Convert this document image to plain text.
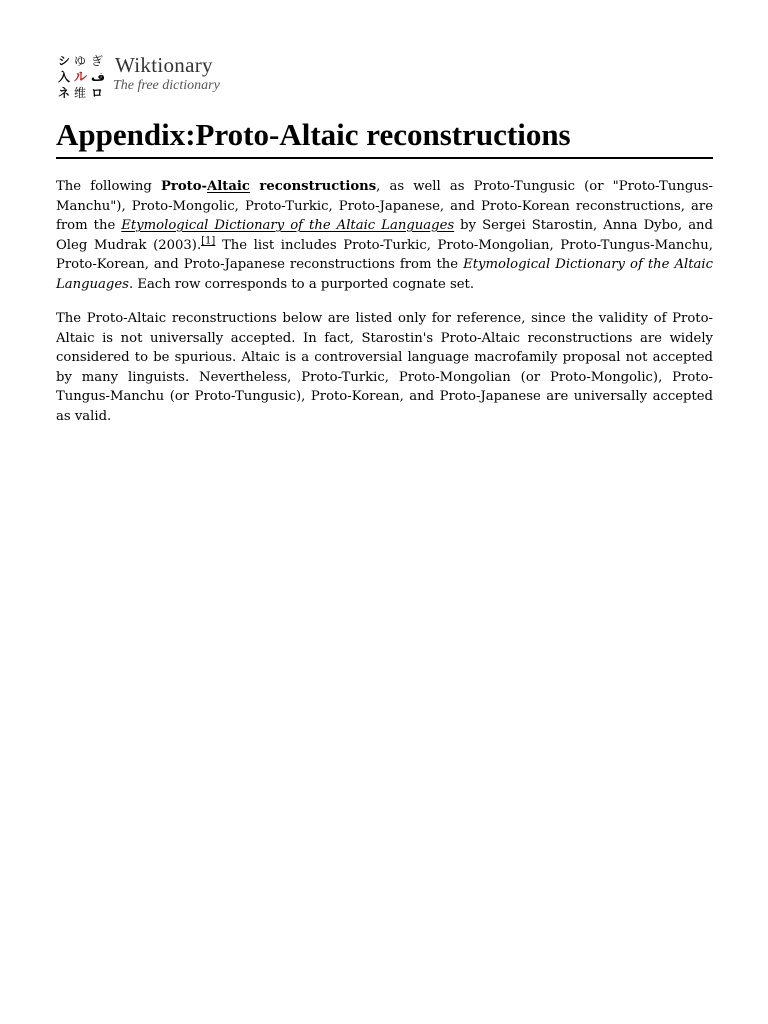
シ ゆ ぎ
入 ル ف
ネ 维 ロ
Wiktionary
The free dictionary
Appendix:Proto-Altaic reconstructions

The following Proto-Altaic reconstructions, as well as Proto-Tungusic (or "Proto-Tungus-Manchu"), Proto-Mongolic, Proto-Turkic, Proto-Japanese, and Proto-Korean reconstructions, are from the Etymological Dictionary of the Altaic Languages by Sergei Starostin, Anna Dybo, and Oleg Mudrak (2003).[1] The list includes Proto-Turkic, Proto-Mongolian, Proto-Tungus-Manchu, Proto-Korean, and Proto-Japanese reconstructions from the Etymological Dictionary of the Altaic Languages. Each row corresponds to a purported cognate set.

The Proto-Altaic reconstructions below are listed only for reference, since the validity of Proto-Altaic is not universally accepted. In fact, Starostin's Proto-Altaic reconstructions are widely considered to be spurious. Altaic is a controversial language macrofamily proposal not accepted by many linguists. Nevertheless, Proto-Turkic, Proto-Mongolian (or Proto-Mongolic), Proto-Tungus-Manchu (or Proto-Tungusic), Proto-Korean, and Proto-Japanese are universally accepted as valid.
